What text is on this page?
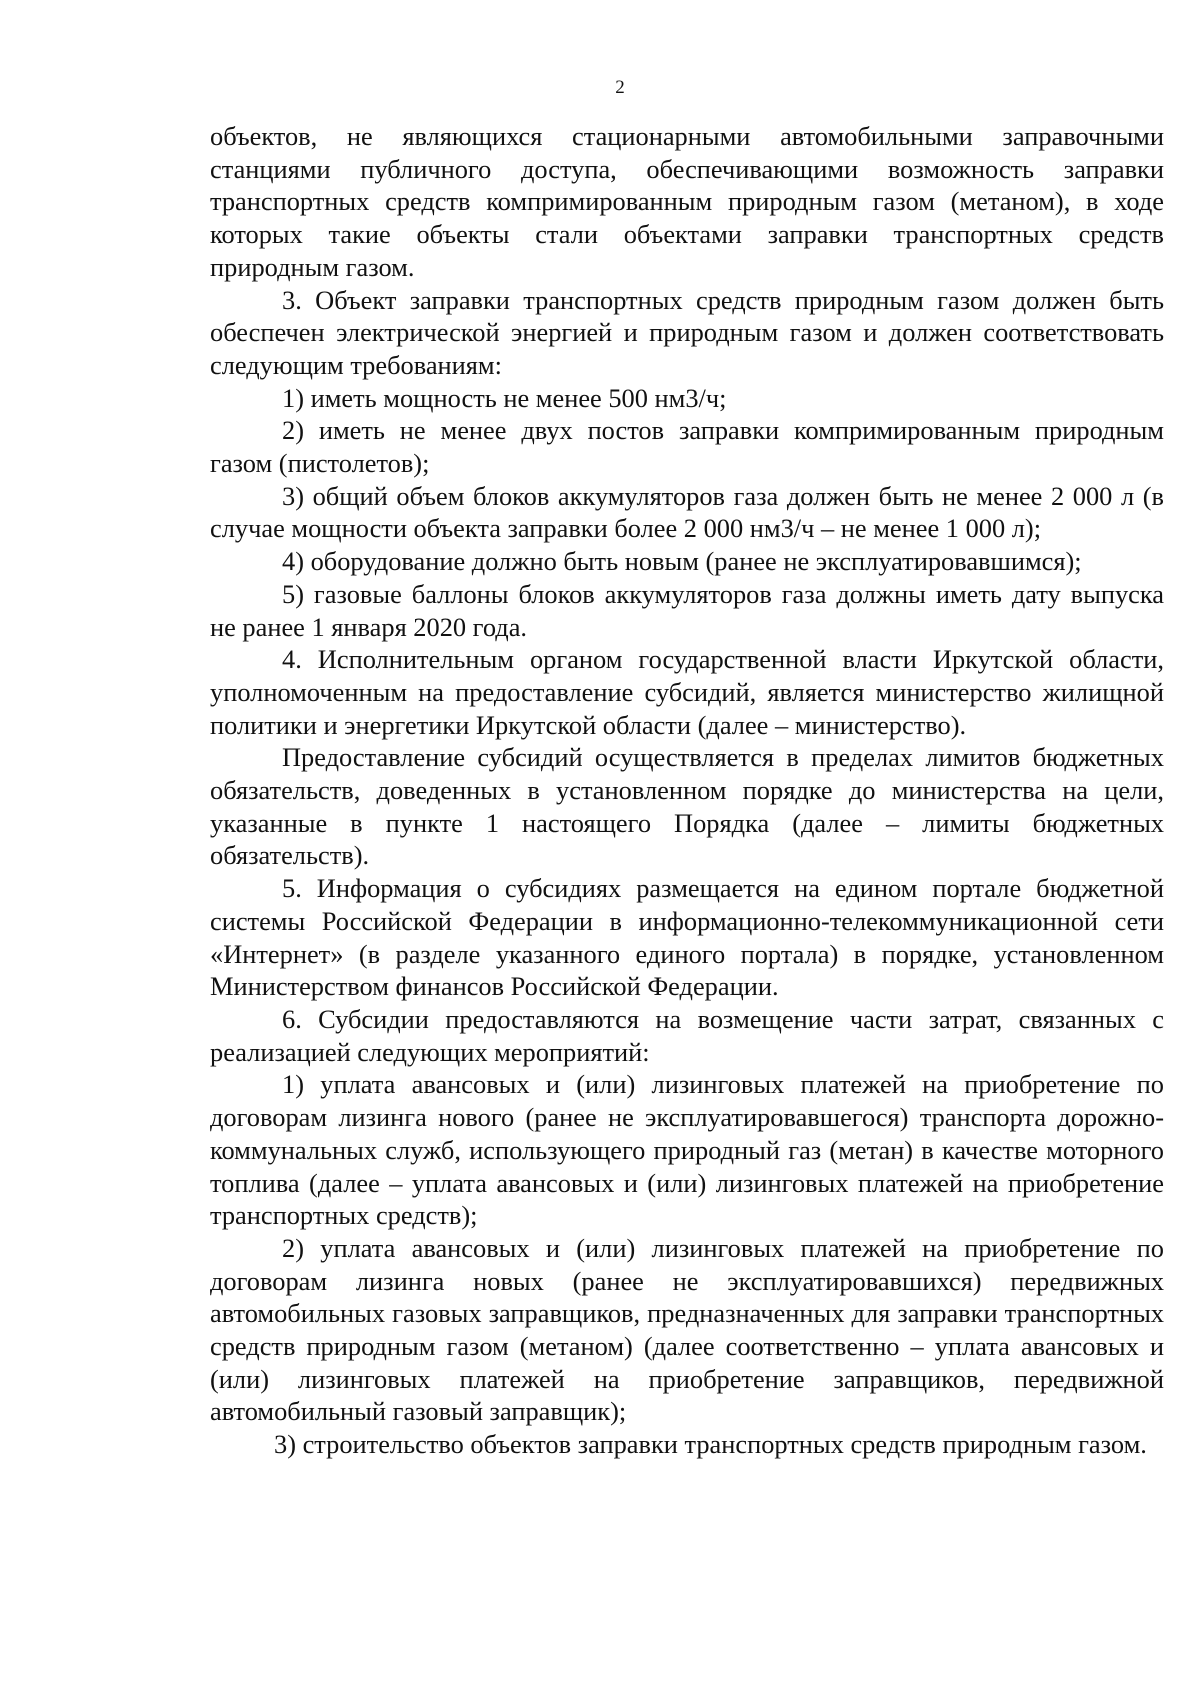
2

объектов, не являющихся стационарными автомобильными заправочными станциями публичного доступа, обеспечивающими возможность заправки транспортных средств компримированным природным газом (метаном), в ходе которых такие объекты стали объектами заправки транспортных средств природным газом.

3. Объект заправки транспортных средств природным газом должен быть обеспечен электрической энергией и природным газом и должен соответствовать следующим требованиям:

1) иметь мощность не менее 500 нм3/ч;

2) иметь не менее двух постов заправки компримированным природным газом (пистолетов);

3) общий объем блоков аккумуляторов газа должен быть не менее 2 000 л (в случае мощности объекта заправки более 2 000 нм3/ч – не менее 1 000 л);

4) оборудование должно быть новым (ранее не эксплуатировавшимся);

5) газовые баллоны блоков аккумуляторов газа должны иметь дату выпуска не ранее 1 января 2020 года.

4. Исполнительным органом государственной власти Иркутской области, уполномоченным на предоставление субсидий, является министерство жилищной политики и энергетики Иркутской области (далее – министерство).

Предоставление субсидий осуществляется в пределах лимитов бюджетных обязательств, доведенных в установленном порядке до министерства на цели, указанные в пункте 1 настоящего Порядка (далее – лимиты бюджетных обязательств).

5. Информация о субсидиях размещается на едином портале бюджетной системы Российской Федерации в информационно-телекоммуникационной сети «Интернет» (в разделе указанного единого портала) в порядке, установленном Министерством финансов Российской Федерации.

6. Субсидии предоставляются на возмещение части затрат, связанных с реализацией следующих мероприятий:

1) уплата авансовых и (или) лизинговых платежей на приобретение по договорам лизинга нового (ранее не эксплуатировавшегося) транспорта дорожно-коммунальных служб, использующего природный газ (метан) в качестве моторного топлива (далее – уплата авансовых и (или) лизинговых платежей на приобретение транспортных средств);

2) уплата авансовых и (или) лизинговых платежей на приобретение по договорам лизинга новых (ранее не эксплуатировавшихся) передвижных автомобильных газовых заправщиков, предназначенных для заправки транспортных средств природным газом (метаном) (далее соответственно – уплата авансовых и (или) лизинговых платежей на приобретение заправщиков, передвижной автомобильный газовый заправщик);

3) строительство объектов заправки транспортных средств природным газом.
